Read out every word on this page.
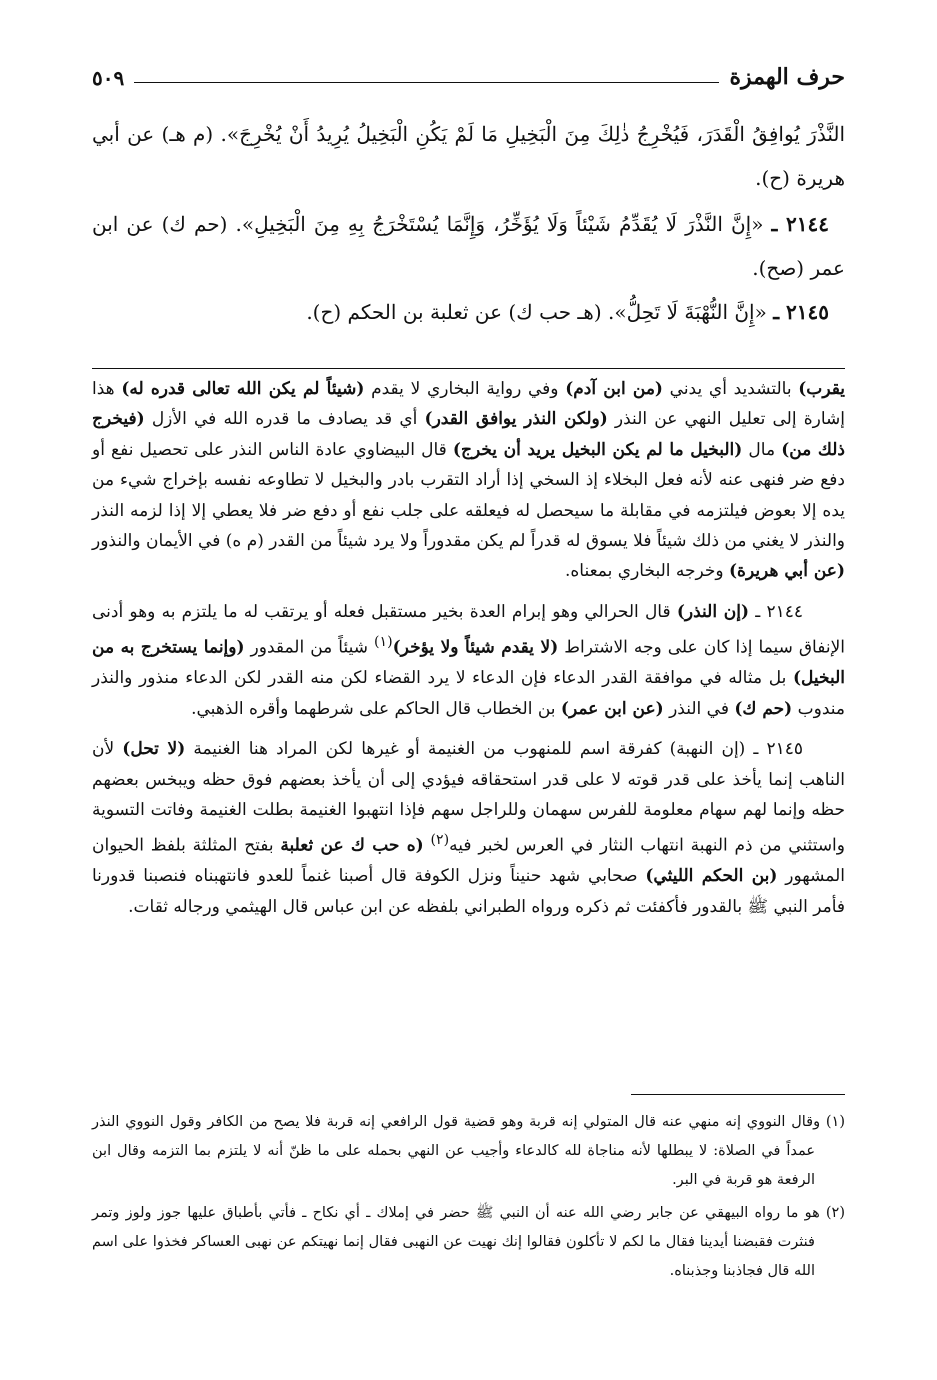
حرف الهمزة
٥٠٩

النَّذْرَ يُوافِقُ الْقَدَرَ، فَيُخْرِجُ ذٰلِكَ مِنَ الْبَخِيلِ مَا لَمْ يَكُنِ الْبَخِيلُ يُرِيدُ أَنْ يُخْرِجَ». (م هـ) عن أبي هريرة (ح).

٢١٤٤ ـ «إِنَّ النَّذْرَ لَا يُقَدِّمُ شَيْئاً وَلَا يُؤَخِّرُ، وَإِنَّمَا يُسْتَخْرَجُ بِهِ مِنَ الْبَخِيلِ». (حم ك) عن ابن عمر (صح).

٢١٤٥ ـ «إِنَّ النُّهْبَةَ لَا تَحِلُّ». (هـ حب ك) عن ثعلبة بن الحكم (ح).

يقرب) بالتشديد أي يدني (من ابن آدم) وفي رواية البخاري لا يقدم (شيئاً لم يكن الله تعالى قدره له) هذا إشارة إلى تعليل النهي عن النذر (ولكن النذر يوافق القدر) أي قد يصادف ما قدره الله في الأزل (فيخرج ذلك من) مال (البخيل ما لم يكن البخيل يريد أن يخرج) قال البيضاوي عادة الناس النذر على تحصيل نفع أو دفع ضر فنهى عنه لأنه فعل البخلاء إذ السخي إذا أراد التقرب بادر والبخيل لا تطاوعه نفسه بإخراج شيء من يده إلا بعوض فيلتزمه في مقابلة ما سيحصل له فيعلقه على جلب نفع أو دفع ضر فلا يعطي إلا إذا لزمه النذر والنذر لا يغني من ذلك شيئاً فلا يسوق له قدراً لم يكن مقدوراً ولا يرد شيئاً من القدر (م ه) في الأيمان والنذور (عن أبي هريرة) وخرجه البخاري بمعناه.

٢١٤٤ ـ (إن النذر) قال الحرالي وهو إبرام العدة بخير مستقبل فعله أو يرتقب له ما يلتزم به وهو أدنى الإنفاق سيما إذا كان على وجه الاشتراط (لا يقدم شيئاً ولا يؤخر)$^{(١)}$ شيئاً من المقدور (وإنما يستخرج به من البخيل) بل مثاله في موافقة القدر الدعاء فإن الدعاء لا يرد القضاء لكن منه القدر لكن الدعاء منذور والنذر مندوب (حم ك) في النذر (عن ابن عمر) بن الخطاب قال الحاكم على شرطهما وأقره الذهبي.

٢١٤٥ ـ (إن النهبة) كفرقة اسم للمنهوب من الغنيمة أو غيرها لكن المراد هنا الغنيمة (لا تحل) لأن الناهب إنما يأخذ على قدر قوته لا على قدر استحقاقه فيؤدي إلى أن يأخذ بعضهم فوق حظه ويبخس بعضهم حظه وإنما لهم سهام معلومة للفرس سهمان وللراجل سهم فإذا انتهبوا الغنيمة بطلت الغنيمة وفاتت التسوية واستثني من ذم النهبة انتهاب النثار في العرس لخبر فيه$^{(٢)}$ (ه حب ك عن ثعلبة بفتح المثلثة بلفظ الحيوان المشهور (بن الحكم الليثي) صحابي شهد حنيناً ونزل الكوفة قال أصبنا غنماً للعدو فانتهبناه فنصبنا قدورنا فأمر النبي ﷺ بالقدور فأكفئت ثم ذكره ورواه الطبراني بلفظه عن ابن عباس قال الهيثمي ورجاله ثقات.

(١) وقال النووي إنه منهي عنه قال المتولي إنه قربة وهو قضية قول الرافعي إنه قربة فلا يصح من الكافر وقول النووي النذر عمداً في الصلاة: لا يبطلها لأنه مناجاة لله كالدعاء وأجيب عن النهي بحمله على ما ظنّ أنه لا يلتزم بما التزمه وقال ابن الرفعة هو قربة في البر.

(٢) هو ما رواه البيهقي عن جابر رضي الله عنه أن النبي ﷺ حضر في إملاك ـ أي نكاح ـ فأتي بأطباق عليها جوز ولوز وتمر فنثرت فقبضنا أيدينا فقال ما لكم لا تأكلون فقالوا إنك نهيت عن النهبى فقال إنما نهيتكم عن نهبى العساكر فخذوا على اسم الله قال فجاذبنا وجذبناه.
